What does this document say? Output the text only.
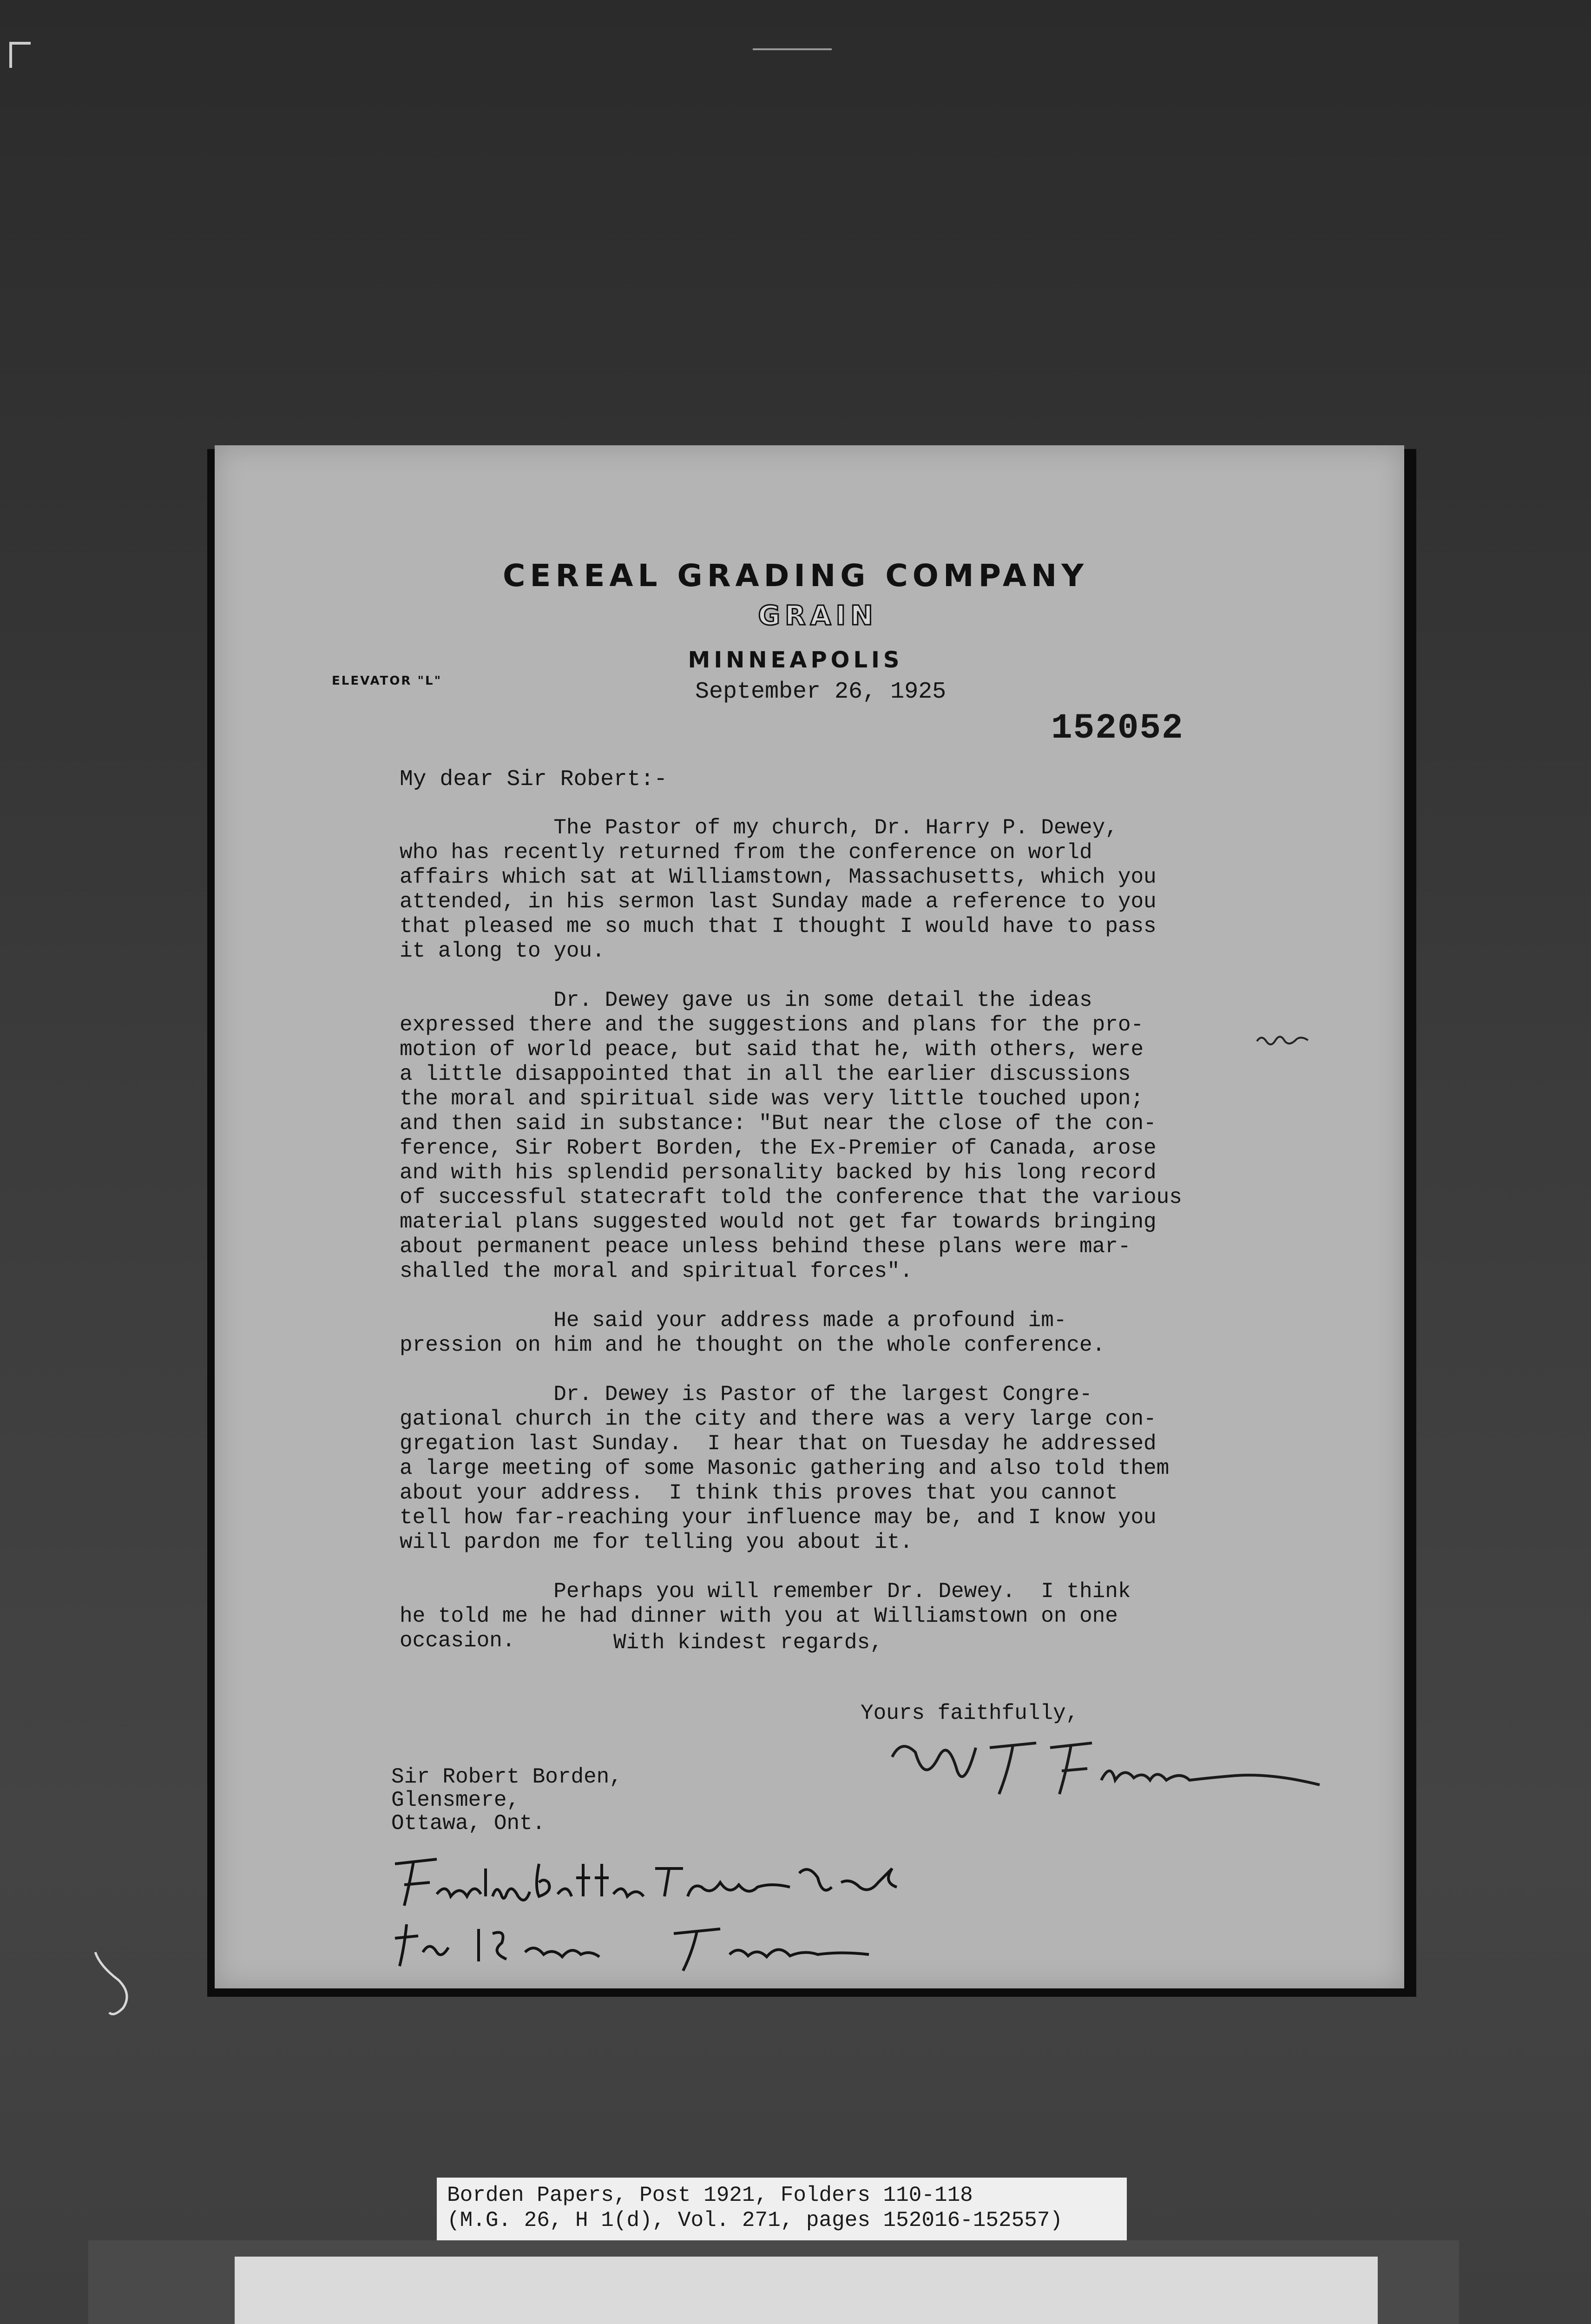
CEREAL GRADING COMPANY
GRAIN
MINNEAPOLIS
ELEVATOR "L"	September 26, 1925
152052
My dear Sir Robert:-
The Pastor of my church, Dr. Harry P. Dewey,
who has recently returned from the conference on world
affairs which sat at Williamstown, Massachusetts, which you
attended, in his sermon last Sunday made a reference to you
that pleased me so much that I thought I would have to pass
it along to you.

Dr. Dewey gave us in some detail the ideas
expressed there and the suggestions and plans for the pro-
motion of world peace, but said that he, with others, were
a little disappointed that in all the earlier discussions
the moral and spiritual side was very little touched upon;
and then said in substance: "But near the close of the con-
ference, Sir Robert Borden, the Ex-Premier of Canada, arose
and with his splendid personality backed by his long record
of successful statecraft told the conference that the various
material plans suggested would not get far towards bringing
about permanent peace unless behind these plans were mar-
shalled the moral and spiritual forces".

He said your address made a profound im-
pression on him and he thought on the whole conference.

Dr. Dewey is Pastor of the largest Congre-
gational church in the city and there was a very large con-
gregation last Sunday.  I hear that on Tuesday he addressed
a large meeting of some Masonic gathering and also told them
about your address.  I think this proves that you cannot
tell how far-reaching your influence may be, and I know you
will pardon me for telling you about it.

Perhaps you will remember Dr. Dewey.  I think
he told me he had dinner with you at Williamstown on one
occasion.	With kindest regards,
Yours faithfully,
Sir Robert Borden,
Glensmere,
Ottawa, Ont.
Borden Papers, Post 1921, Folders 110-118
(M.G. 26, H 1(d), Vol. 271, pages 152016-152557)
